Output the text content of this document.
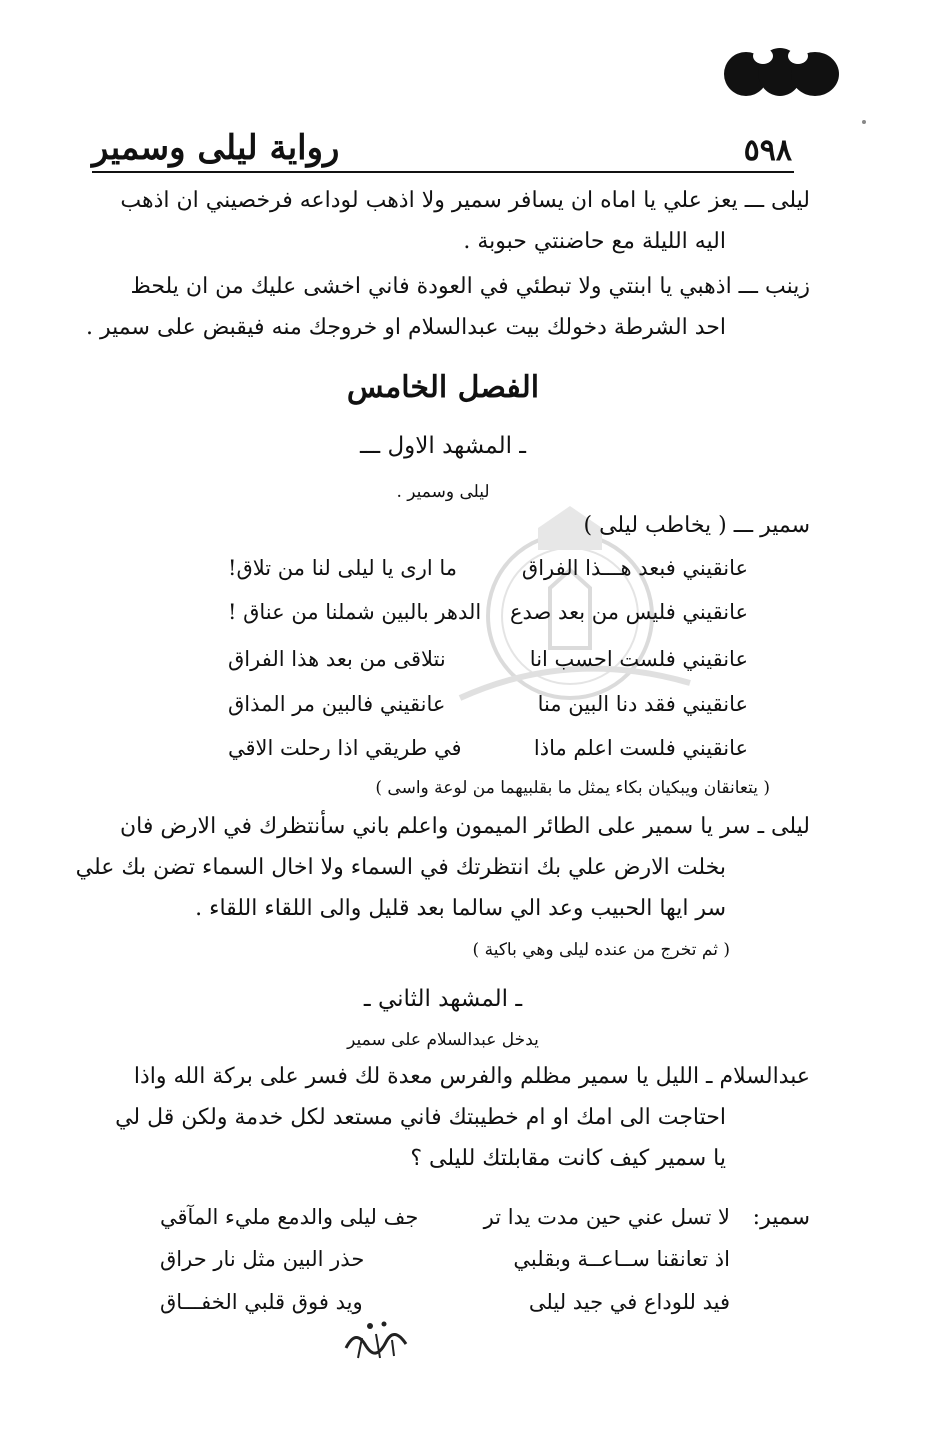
رواية ليلى وسمير	٥٩٨
ليلى ـــ يعز علي يا اماه ان يسافر سمير ولا اذهب لوداعه فرخصيني ان اذهب
اليه الليلة مع حاضنتي حبوبة .
زينب ـــ اذهبي يا ابنتي ولا تبطئي في العودة فاني اخشى عليك من ان يلحظ
احد الشرطة دخولك بيت عبدالسلام او خروجك منه فيقبض على سمير .
الفصل الخامس
ـ المشهد الاول ـــ
ليلى وسمير .
سمير ـــ ( يخاطب ليلى )
عانقيني فبعد هـــذا الفراق
ما ارى يا ليلى لنا من تلاق!
عانقيني فليس من بعد صدع
الدهر بالبين شملنا من عناق !
عانقيني فلست احسب انا
نتلاقى من بعد هذا الفراق
عانقيني فقد دنا البين منا
عانقيني فالبين مر المذاق
عانقيني فلست اعلم ماذا
في طريقي اذا رحلت الاقي
( يتعانقان ويبكيان بكاء يمثل ما بقلبيهما من لوعة واسى )
ليلى ـ سر يا سمير على الطائر الميمون واعلم باني سأنتظرك في الارض فان
بخلت الارض علي بك انتظرتك في السماء ولا اخال السماء تضن بك علي
سر ايها الحبيب وعد الي سالما بعد قليل والى اللقاء اللقاء .
( ثم تخرج من عنده ليلى وهي باكية )
ـ المشهد الثاني ـ
يدخل عبدالسلام على سمير
عبدالسلام ـ الليل يا سمير مظلم والفرس معدة لك فسر على بركة الله واذا
احتاجت الى امك او ام خطيبتك فاني مستعد لكل خدمة ولكن قل لي
يا سمير كيف كانت مقابلتك لليلى ؟
سمير:
لا تسل عني حين مدت يدا تر
جف ليلى والدمع مليء المآقي
اذ تعانقنا ســاعــة وبقلبي
حذر البين مثل نار حراق
فيد للوداع في جيد ليلى
ويد فوق قلبي الخفـــاق
